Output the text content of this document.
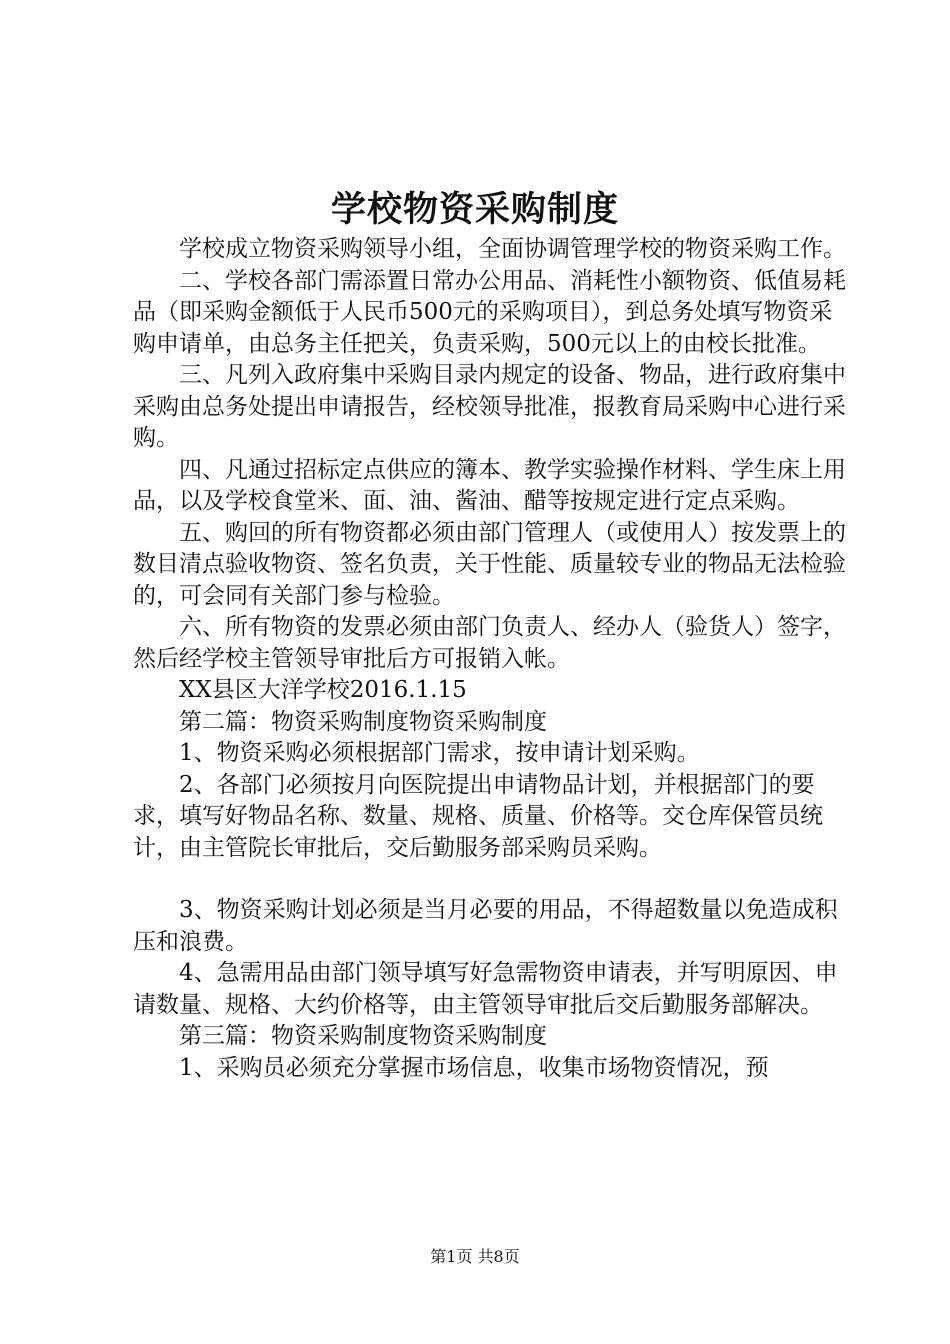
学校物资采购制度

学校成立物资采购领导小组，全面协调管理学校的物资采购工作。

二、学校各部门需添置日常办公用品、消耗性小额物资、低值易耗品（即采购金额低于人民币500元的采购项目），到总务处填写物资采购申请单，由总务主任把关，负责采购，500元以上的由校长批准。

三、凡列入政府集中采购目录内规定的设备、物品，进行政府集中采购由总务处提出申请报告，经校领导批准，报教育局采购中心进行采购。

四、凡通过招标定点供应的簿本、教学实验操作材料、学生床上用品，以及学校食堂米、面、油、酱油、醋等按规定进行定点采购。

五、购回的所有物资都必须由部门管理人（或使用人）按发票上的数目清点验收物资、签名负责，关于性能、质量较专业的物品无法检验的，可会同有关部门参与检验。

六、所有物资的发票必须由部门负责人、经办人（验货人）签字，然后经学校主管领导审批后方可报销入帐。

XX县区大洋学校2016.1.15

第二篇：物资采购制度物资采购制度

1、物资采购必须根据部门需求，按申请计划采购。

2、各部门必须按月向医院提出申请物品计划，并根据部门的要求，填写好物品名称、数量、规格、质量、价格等。交仓库保管员统计，由主管院长审批后，交后勤服务部采购员采购。

3、物资采购计划必须是当月必要的用品，不得超数量以免造成积压和浪费。

4、急需用品由部门领导填写好急需物资申请表，并写明原因、申请数量、规格、大约价格等，由主管领导审批后交后勤服务部解决。

第三篇：物资采购制度物资采购制度

1、采购员必须充分掌握市场信息，收集市场物资情况，预

第1页 共8页
